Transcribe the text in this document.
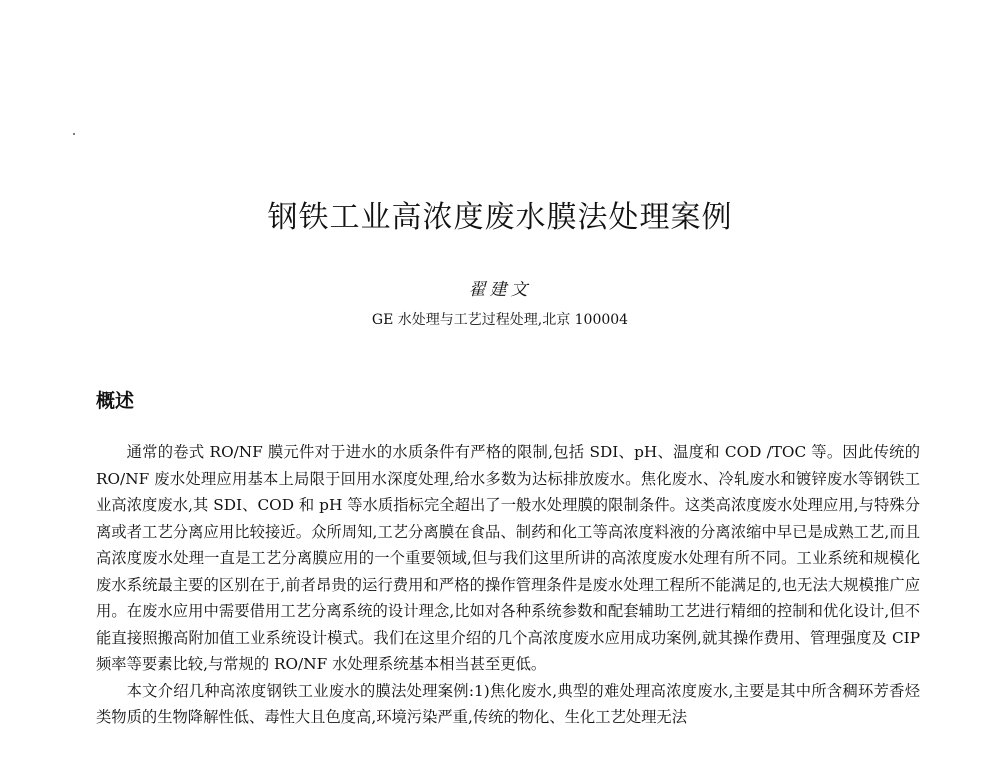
钢铁工业高浓度废水膜法处理案例
翟建文
GE 水处理与工艺过程处理,北京 100004
概述

通常的卷式 RO/NF 膜元件对于进水的水质条件有严格的限制,包括 SDI、pH、温度和 COD /TOC 等。因此传统的 RO/NF 废水处理应用基本上局限于回用水深度处理,给水多数为达标排放废水。焦化废水、冷轧废水和镀锌废水等钢铁工业高浓度废水,其 SDI、COD 和 pH 等水质指标完全超出了一般水处理膜的限制条件。这类高浓度废水处理应用,与特殊分离或者工艺分离应用比较接近。众所周知,工艺分离膜在食品、制药和化工等高浓度料液的分离浓缩中早已是成熟工艺,而且高浓度废水处理一直是工艺分离膜应用的一个重要领域,但与我们这里所讲的高浓度废水处理有所不同。工业系统和规模化废水系统最主要的区别在于,前者昂贵的运行费用和严格的操作管理条件是废水处理工程所不能满足的,也无法大规模推广应用。在废水应用中需要借用工艺分离系统的设计理念,比如对各种系统参数和配套辅助工艺进行精细的控制和优化设计,但不能直接照搬高附加值工业系统设计模式。我们在这里介绍的几个高浓度废水应用成功案例,就其操作费用、管理强度及 CIP 频率等要素比较,与常规的 RO/NF 水处理系统基本相当甚至更低。

本文介绍几种高浓度钢铁工业废水的膜法处理案例:1)焦化废水,典型的难处理高浓度废水,主要是其中所含稠环芳香烃类物质的生物降解性低、毒性大且色度高,环境污染严重,传统的物化、生化工艺处理无法
